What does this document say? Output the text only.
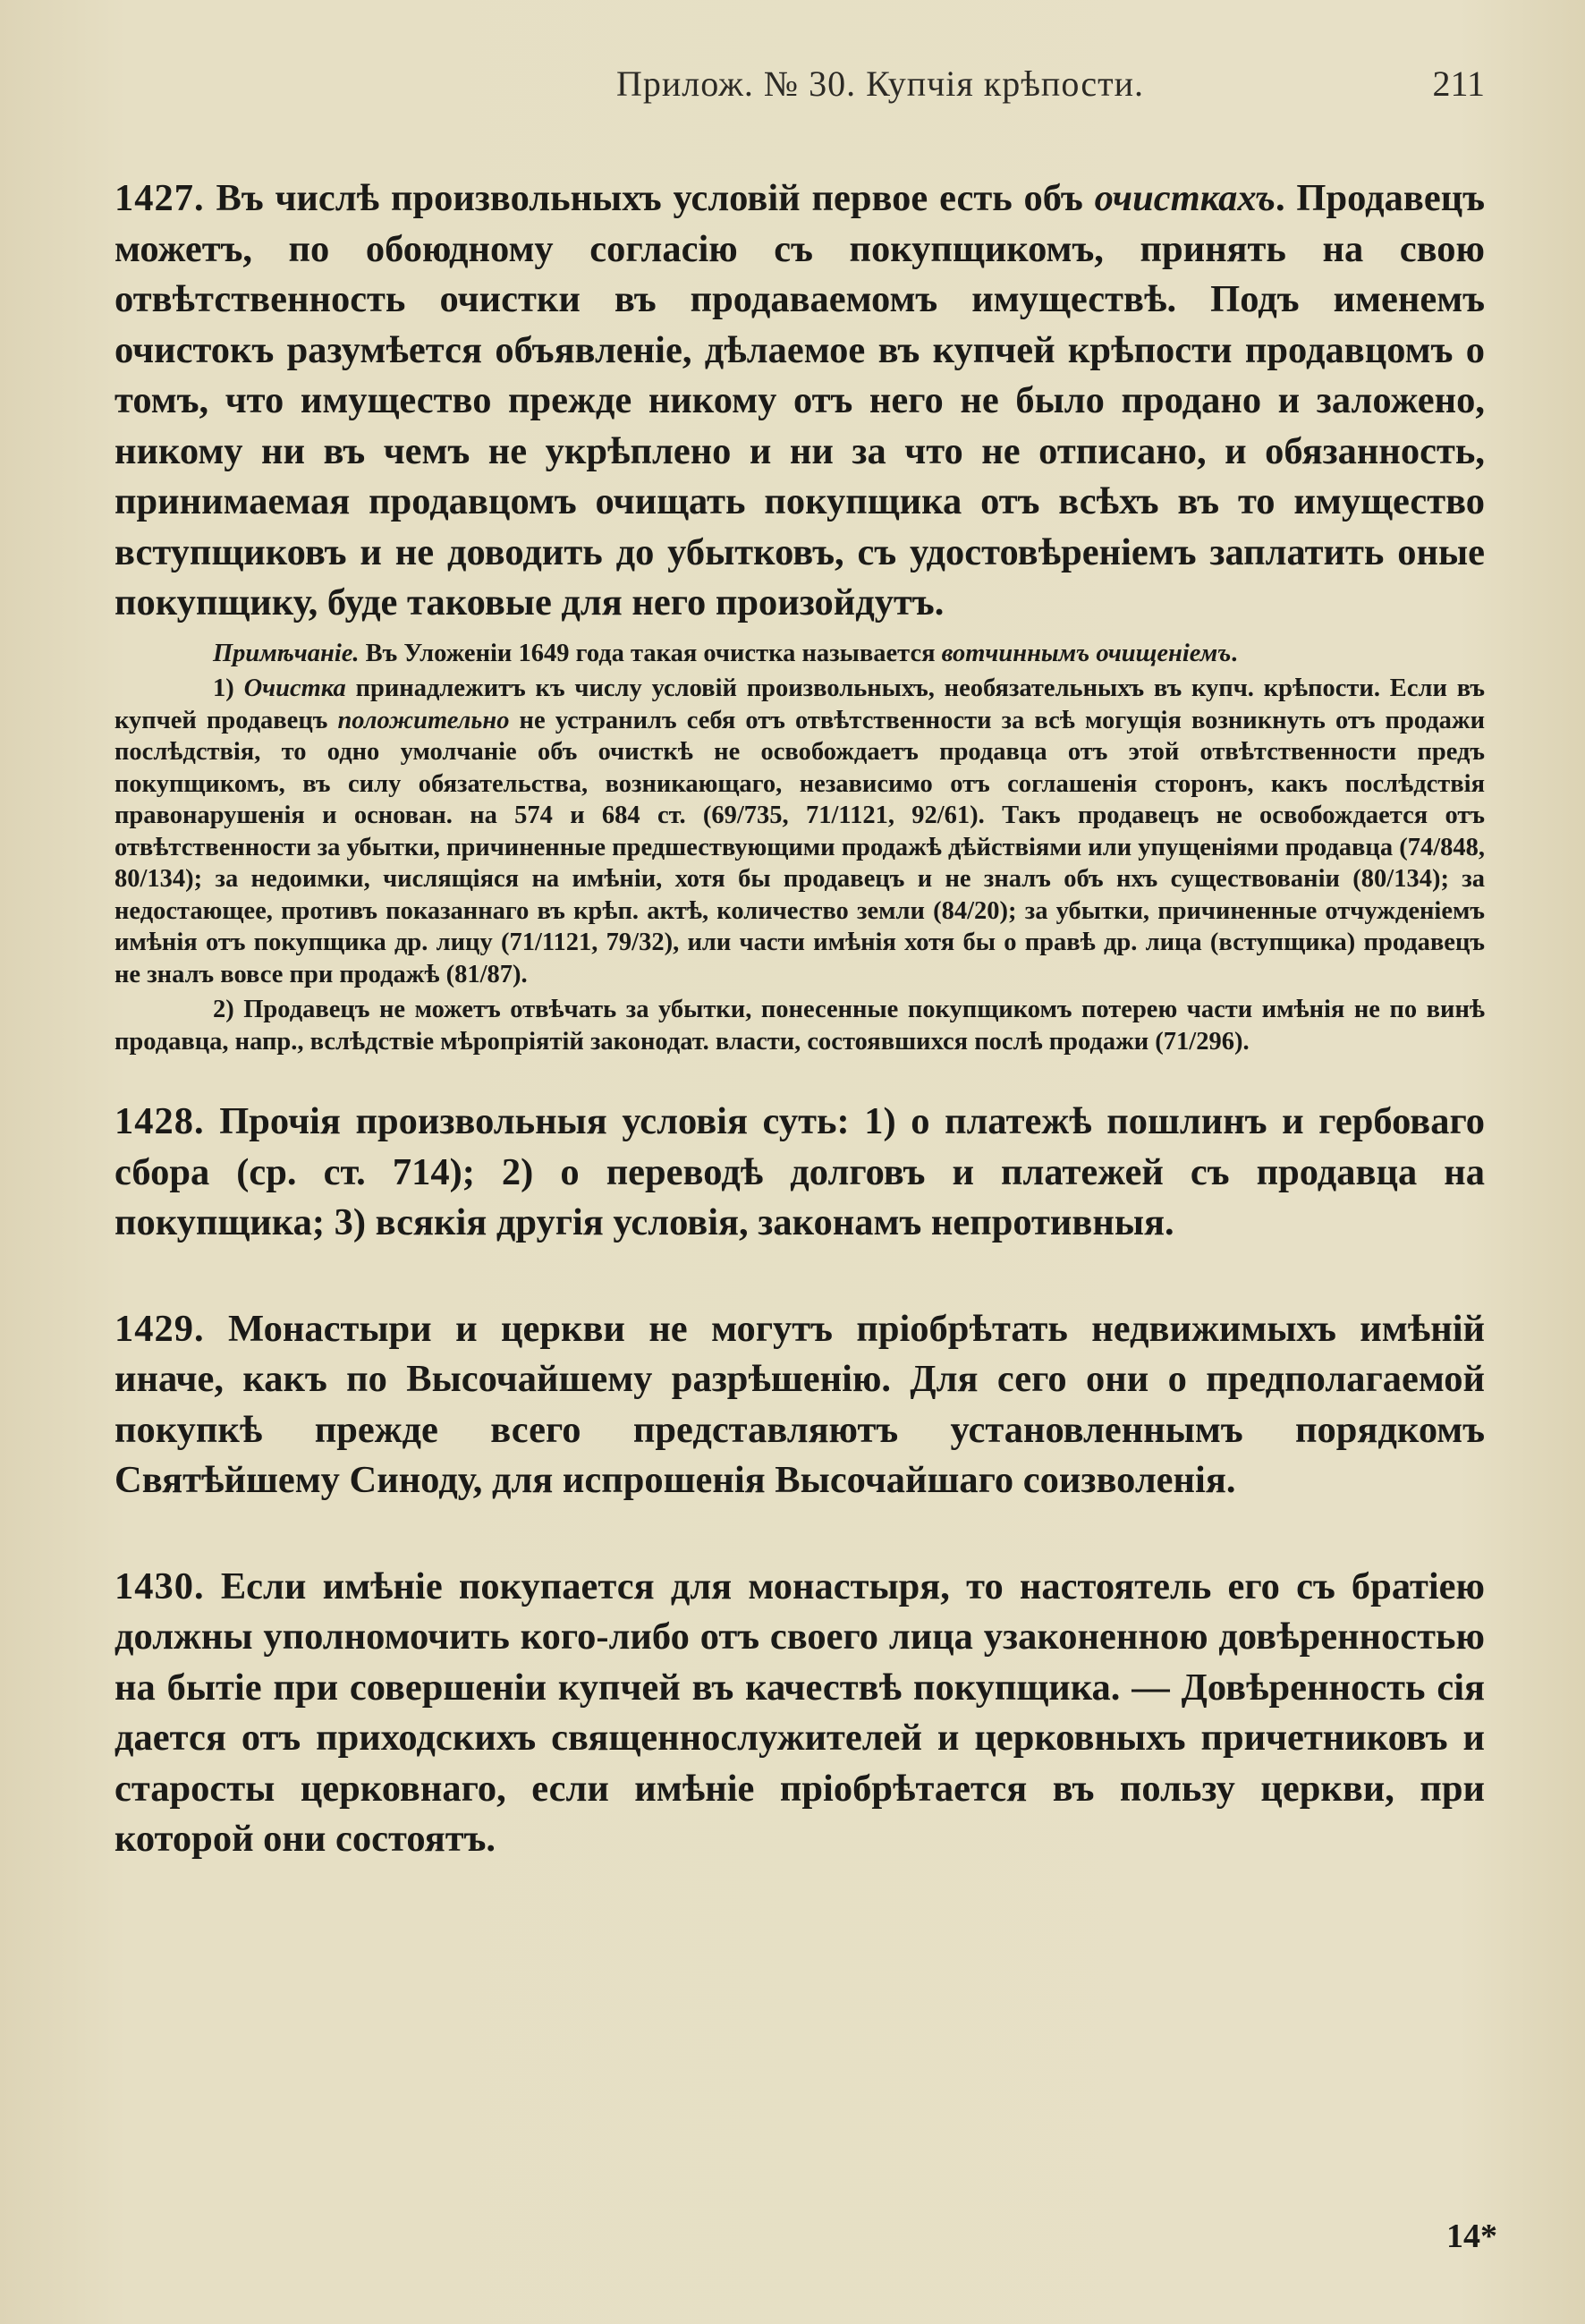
Прилож. № 30. Купчія крѣпости.	211

1427. Въ числѣ произвольныхъ условій первое есть объ очисткахъ. Продавецъ можетъ, по обоюдному согласію съ покупщикомъ, принять на свою отвѣтственность очистки въ продаваемомъ имуществѣ. Подъ именемъ очистокъ разумѣется объявленіе, дѣлаемое въ купчей крѣпости продавцомъ о томъ, что имущество прежде никому отъ него не было продано и заложено, никому ни въ чемъ не укрѣплено и ни за что не отписано, и обязанность, принимаемая продавцомъ очищать покупщика отъ всѣхъ въ то имущество вступщиковъ и не доводить до убытковъ, съ удостовѣреніемъ заплатить оные покупщику, буде таковые для него произойдутъ.

Примѣчаніе. Въ Уложеніи 1649 года такая очистка называется вотчиннымъ очищеніемъ.

1) Очистка принадлежитъ къ числу условій произвольныхъ, необязательныхъ въ купч. крѣпости. Если въ купчей продавецъ положительно не устранилъ себя отъ отвѣтственности за всѣ могущія возникнуть отъ продажи послѣдствія, то одно умолчаніе объ очисткѣ не освобождаетъ продавца отъ этой отвѣтственности предъ покупщикомъ, въ силу обязательства, возникающаго, независимо отъ соглашенія сторонъ, какъ послѣдствія правонарушенія и основан. на 574 и 684 ст. (69/735, 71/1121, 92/61). Такъ продавецъ не освобождается отъ отвѣтственности за убытки, причиненные предшествующими продажѣ дѣйствіями или упущеніями продавца (74/848, 80/134); за недоимки, числящіяся на имѣніи, хотя бы продавецъ и не зналъ объ нхъ существованіи (80/134); за недостающее, противъ показаннаго въ крѣп. актѣ, количество земли (84/20); за убытки, причиненные отчужденіемъ имѣнія отъ покупщика др. лицу (71/1121, 79/32), или части имѣнія хотя бы о правѣ др. лица (вступщика) продавецъ не зналъ вовсе при продажѣ (81/87).

2) Продавецъ не можетъ отвѣчать за убытки, понесенные покупщикомъ потерею части имѣнія не по винѣ продавца, напр., вслѣдствіе мѣропріятій законодат. власти, состоявшихся послѣ продажи (71/296).

1428. Прочія произвольныя условія суть: 1) о платежѣ пошлинъ и гербоваго сбора (ср. ст. 714); 2) о переводѣ долговъ и платежей съ продавца на покупщика; 3) всякія другія условія, законамъ непротивныя.

1429. Монастыри и церкви не могутъ пріобрѣтать недвижимыхъ имѣній иначе, какъ по Высочайшему разрѣшенію. Для сего они о предполагаемой покупкѣ прежде всего представляютъ установленнымъ порядкомъ Святѣйшему Синоду, для испрошенія Высочайшаго соизволенія.

1430. Если имѣніе покупается для монастыря, то настоятель его съ братіею должны уполномочить кого-либо отъ своего лица узаконенною довѣренностью на бытіе при совершеніи купчей въ качествѣ покупщика. — Довѣренность сія дается отъ приходскихъ священнослужителей и церковныхъ причетниковъ и старосты церковнаго, если имѣніе пріобрѣтается въ пользу церкви, при которой они состоятъ.

14*
